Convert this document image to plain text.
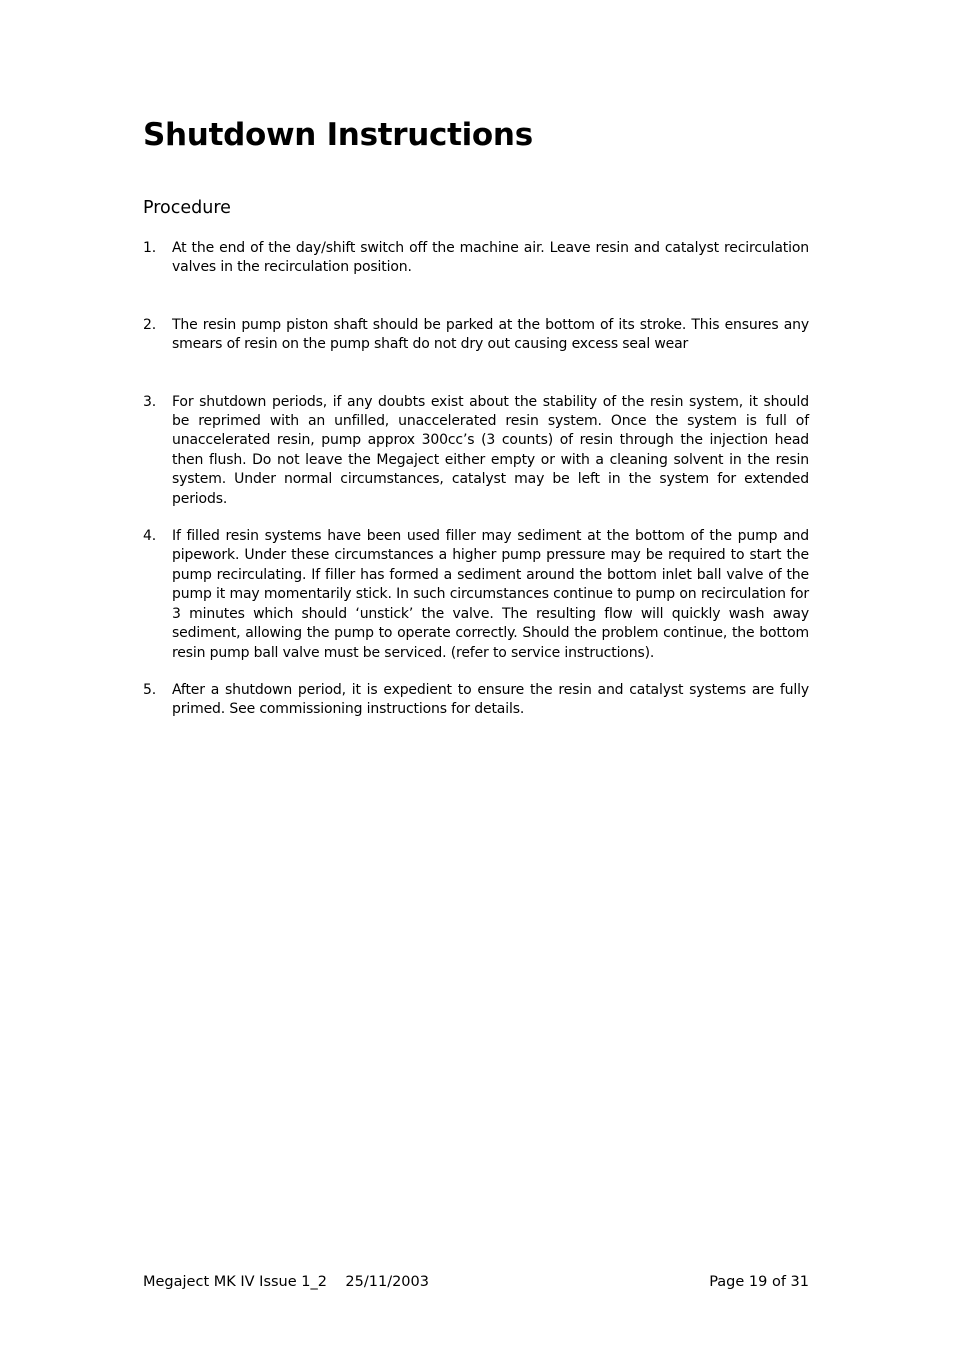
Shutdown Instructions
Procedure
1.	At the end of the day/shift switch off the machine air. Leave resin and catalyst recirculation valves in the recirculation position.
2.	The resin pump piston shaft should be parked at the bottom of its stroke. This ensures any smears of resin on the pump shaft do not dry out causing excess seal wear
3.	For shutdown periods, if any doubts exist about the stability of the resin system, it should be reprimed with an unfilled, unaccelerated resin system. Once the system is full of unaccelerated resin, pump approx 300cc’s (3 counts) of resin through the injection head then flush. Do not leave the Megaject either empty or with a cleaning solvent in the resin system. Under normal circumstances, catalyst may be left in the system for extended periods.
4.	If filled resin systems have been used filler may sediment at the bottom of the pump and pipework. Under these circumstances a higher pump pressure may be required to start the pump recirculating. If filler has formed a sediment around the bottom inlet ball valve of the pump it may momentarily stick. In such circumstances continue to pump on recirculation for 3 minutes which should ‘unstick’ the valve. The resulting flow will quickly wash away sediment, allowing the pump to operate correctly. Should the problem continue, the bottom resin pump ball valve must be serviced. (refer to service instructions).
5.	After a shutdown period, it is expedient to ensure the resin and catalyst systems are fully primed. See commissioning instructions for details.
Megaject MK IV Issue 1_2    25/11/2003	Page 19 of 31
